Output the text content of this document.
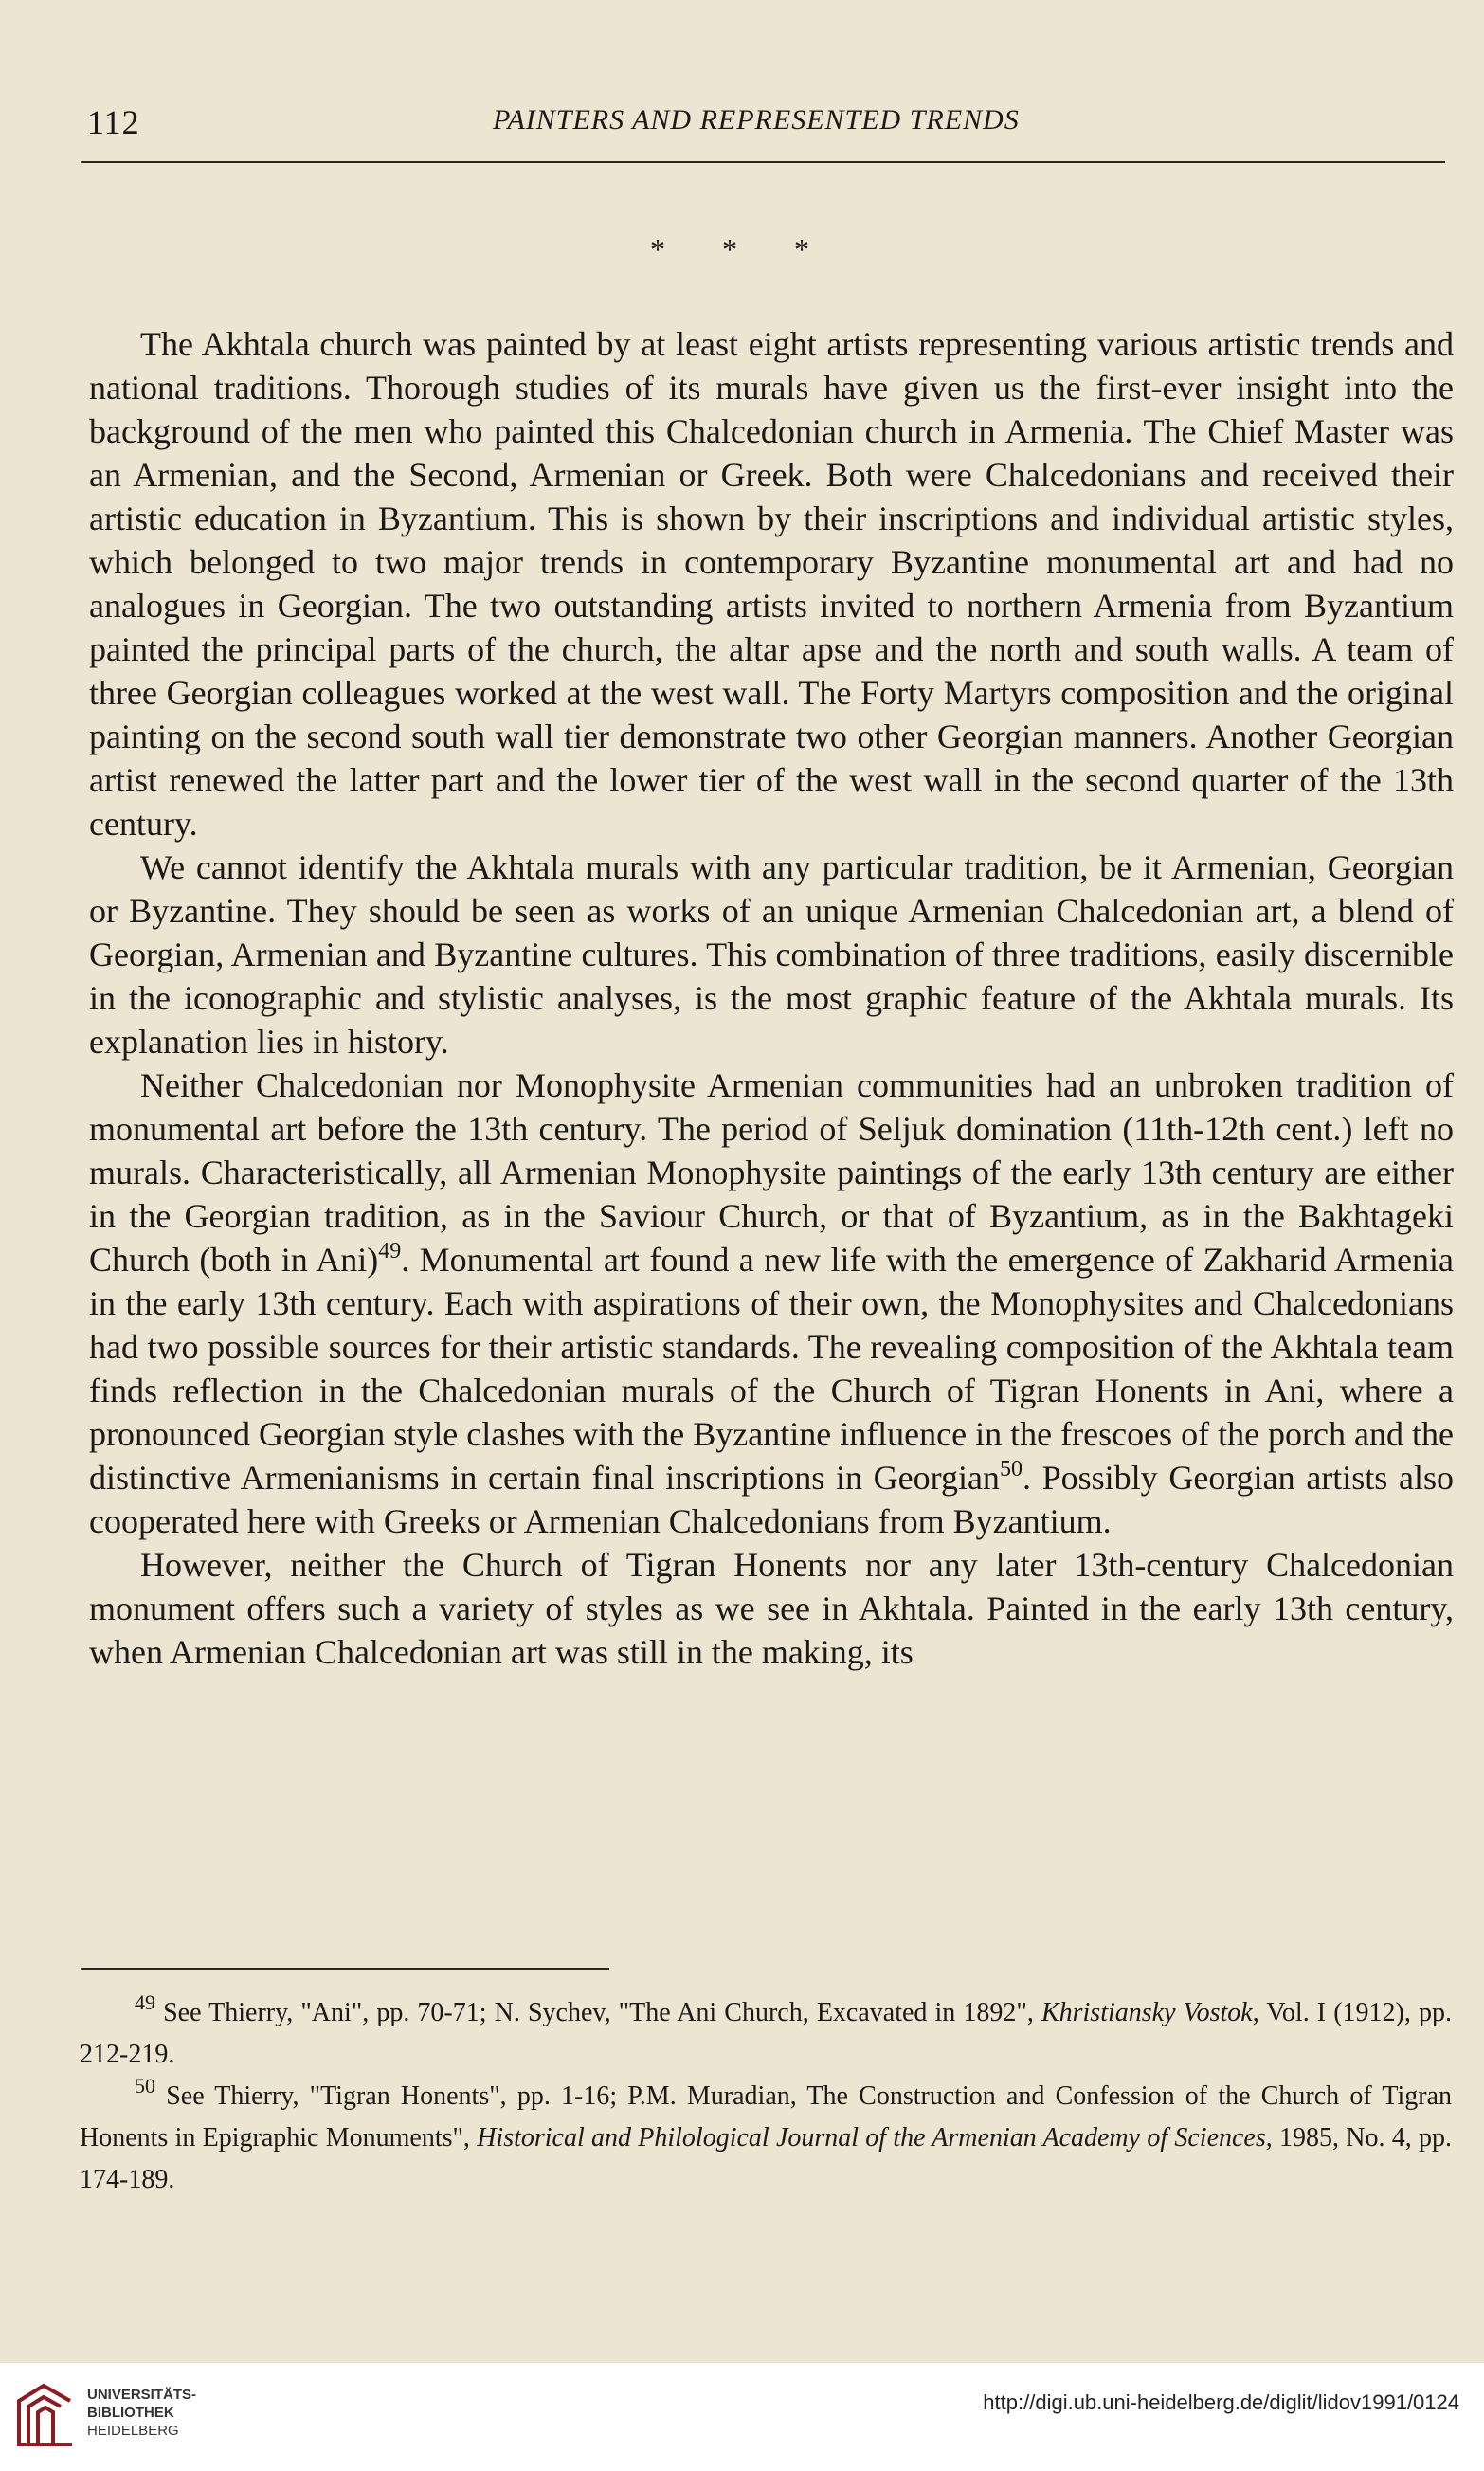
112	PAINTERS AND REPRESENTED TRENDS
* * *

The Akhtala church was painted by at least eight artists representing various artistic trends and national traditions. Thorough studies of its murals have given us the first-ever insight into the background of the men who painted this Chalcedonian church in Armenia. The Chief Master was an Armenian, and the Second, Armenian or Greek. Both were Chalcedonians and received their artistic education in Byzantium. This is shown by their inscriptions and individual artistic styles, which belonged to two major trends in contemporary Byzantine monumental art and had no analogues in Georgian. The two outstanding artists invited to northern Armenia from Byzantium painted the principal parts of the church, the altar apse and the north and south walls. A team of three Georgian colleagues worked at the west wall. The Forty Martyrs composition and the original painting on the second south wall tier demonstrate two other Georgian manners. Another Georgian artist renewed the latter part and the lower tier of the west wall in the second quarter of the 13th century.

We cannot identify the Akhtala murals with any particular tradition, be it Armenian, Georgian or Byzantine. They should be seen as works of an unique Armenian Chalcedonian art, a blend of Georgian, Armenian and Byzantine cultures. This combination of three traditions, easily discernible in the iconographic and stylistic analyses, is the most graphic feature of the Akhtala murals. Its explanation lies in history.

Neither Chalcedonian nor Monophysite Armenian communities had an unbroken tradition of monumental art before the 13th century. The period of Seljuk domination (11th-12th cent.) left no murals. Characteristically, all Armenian Monophysite paintings of the early 13th century are either in the Georgian tradition, as in the Saviour Church, or that of Byzantium, as in the Bakhtageki Church (both in Ani)$^{49}$. Monumental art found a new life with the emergence of Zakharid Armenia in the early 13th century. Each with aspirations of their own, the Monophysites and Chalcedonians had two possible sources for their artistic standards. The revealing composition of the Akhtala team finds reflection in the Chalcedonian murals of the Church of Tigran Honents in Ani, where a pronounced Georgian style clashes with the Byzantine influence in the frescoes of the porch and the distinctive Armenianisms in certain final inscriptions in Georgian$^{50}$. Possibly Georgian artists also cooperated here with Greeks or Armenian Chalcedonians from Byzantium.

However, neither the Church of Tigran Honents nor any later 13th-century Chalcedonian monument offers such a variety of styles as we see in Akhtala. Painted in the early 13th century, when Armenian Chalcedonian art was still in the making, its

$^{49}$ See Thierry, "Ani", pp. 70-71; N. Sychev, "The Ani Church, Excavated in 1892", Khristiansky Vostok, Vol. I (1912), pp. 212-219.

$^{50}$ See Thierry, "Tigran Honents", pp. 1-16; P.M. Muradian, The Construction and Confession of the Church of Tigran Honents in Epigraphic Monuments", Historical and Philological Journal of the Armenian Academy of Sciences, 1985, No. 4, pp. 174-189.

UNIVERSITÄTS-
BIBLIOTHEK
HEIDELBERG
http://digi.ub.uni-heidelberg.de/diglit/lidov1991/0124
